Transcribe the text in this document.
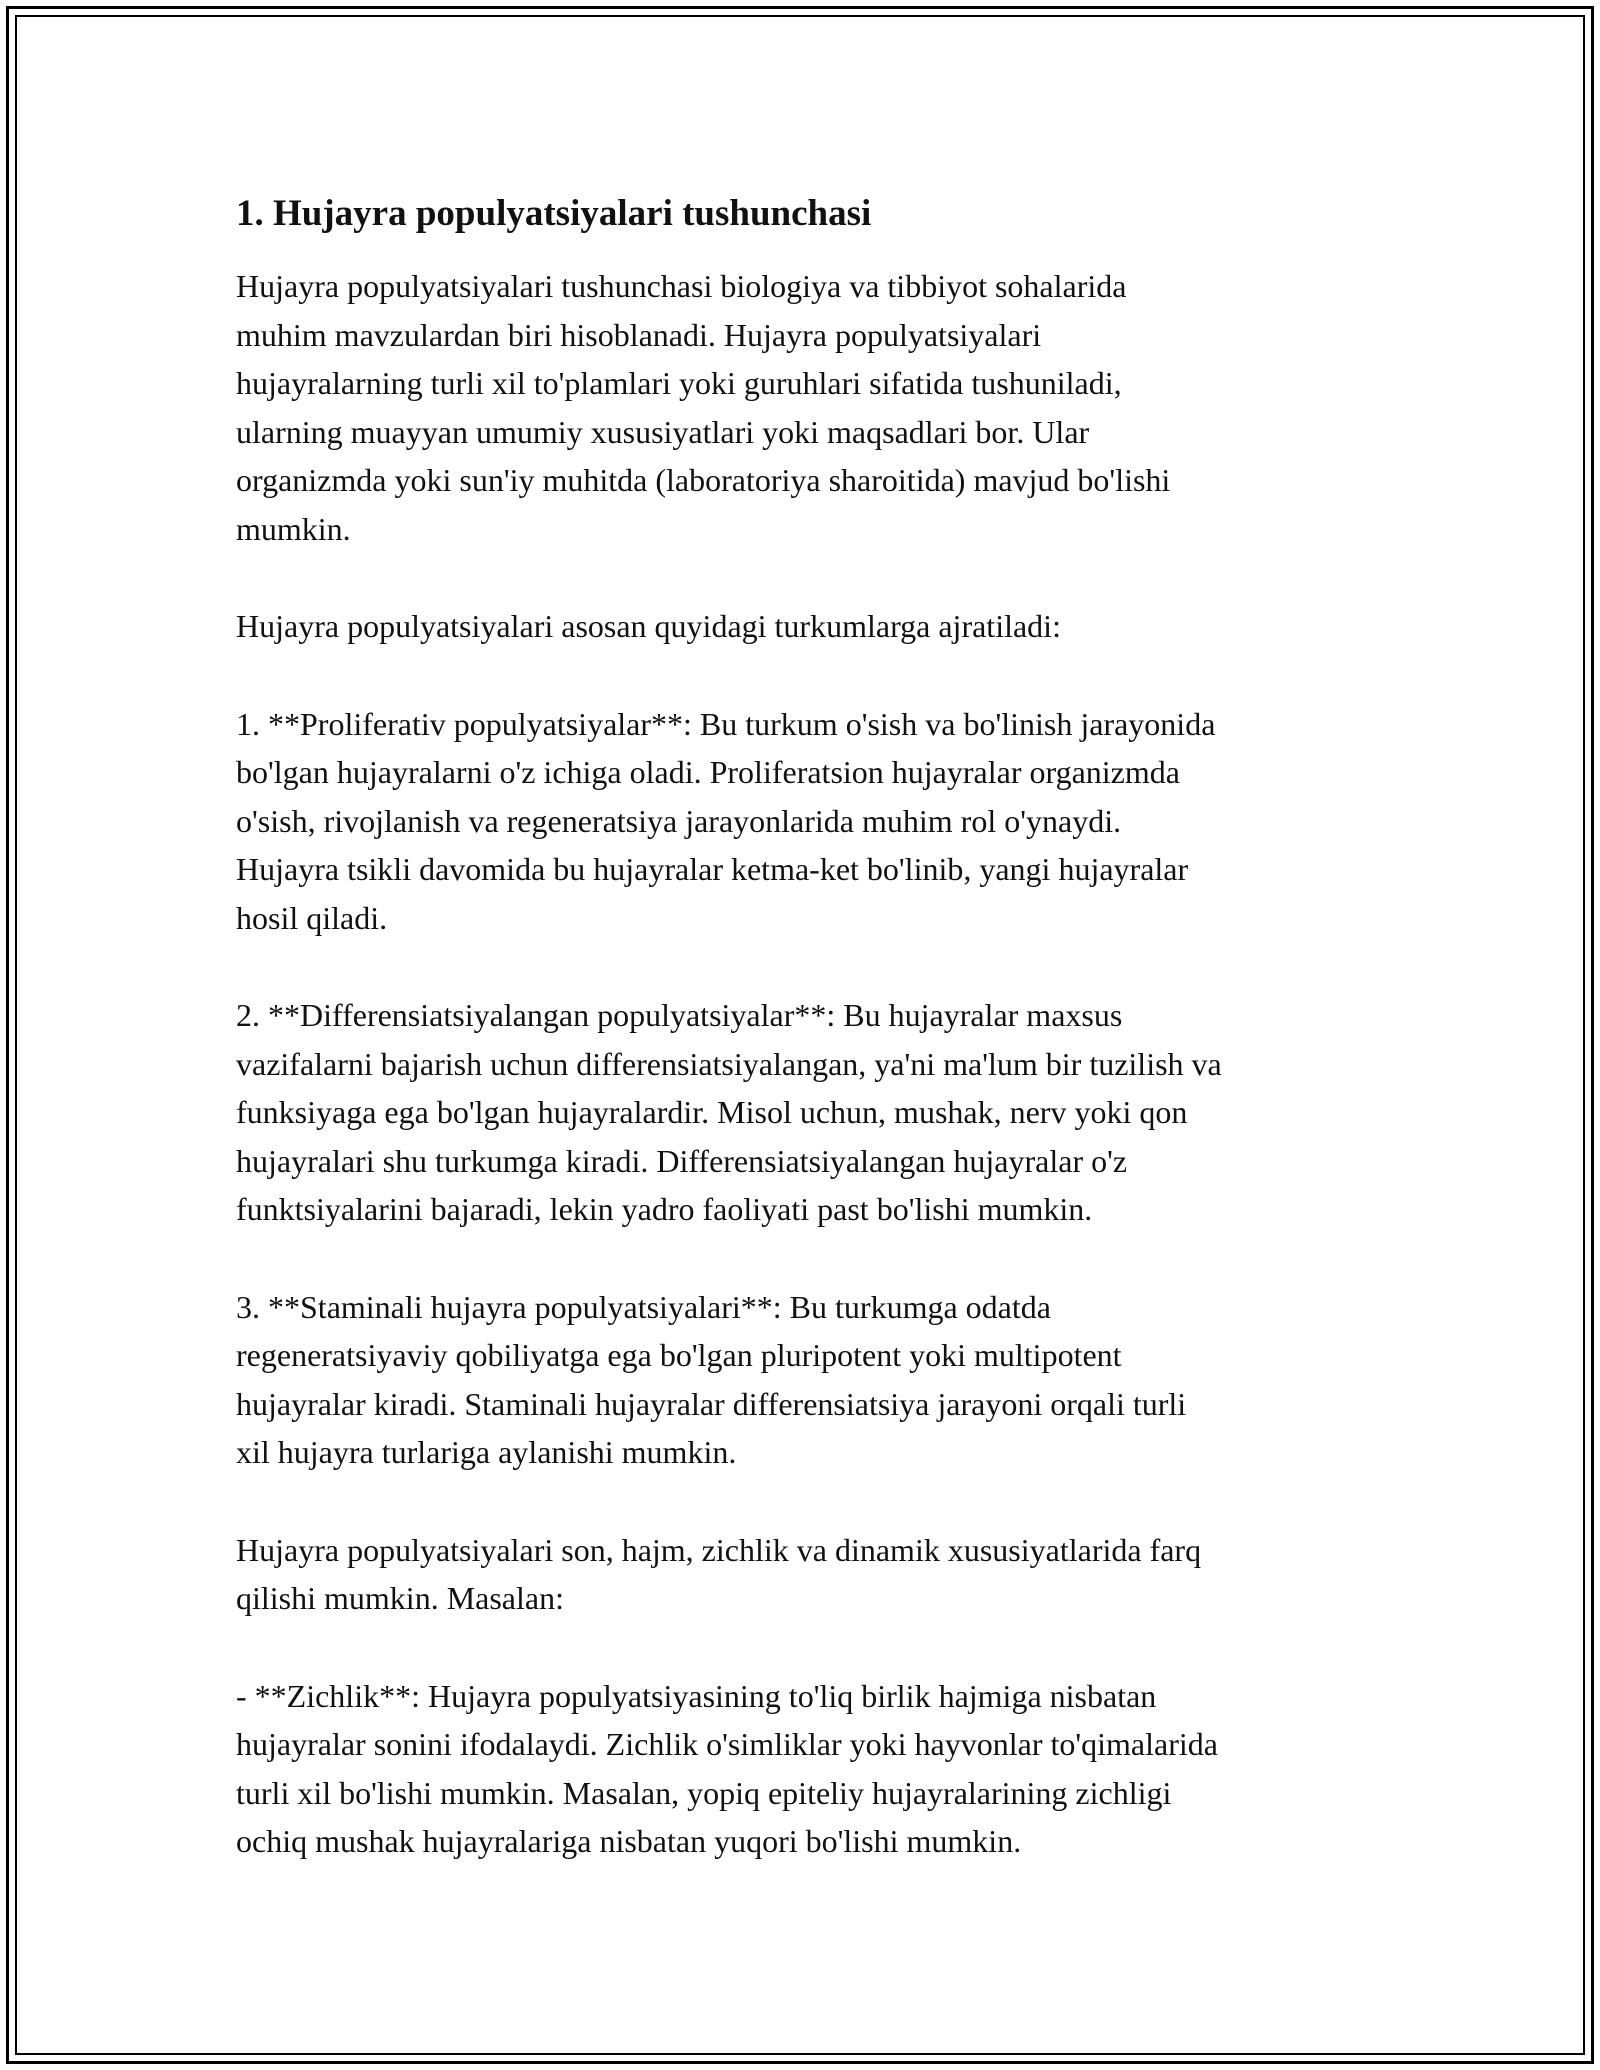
1. Hujayra populyatsiyalari tushunchasi

Hujayra populyatsiyalari tushunchasi biologiya va tibbiyot sohalarida
muhim mavzulardan biri hisoblanadi. Hujayra populyatsiyalari
hujayralarning turli xil to'plamlari yoki guruhlari sifatida tushuniladi,
ularning muayyan umumiy xususiyatlari yoki maqsadlari bor. Ular
organizmda yoki sun'iy muhitda (laboratoriya sharoitida) mavjud bo'lishi
mumkin.

Hujayra populyatsiyalari asosan quyidagi turkumlarga ajratiladi:

1. **Proliferativ populyatsiyalar**: Bu turkum o'sish va bo'linish jarayonida
bo'lgan hujayralarni o'z ichiga oladi. Proliferatsion hujayralar organizmda
o'sish, rivojlanish va regeneratsiya jarayonlarida muhim rol o'ynaydi.
Hujayra tsikli davomida bu hujayralar ketma-ket bo'linib, yangi hujayralar
hosil qiladi.

2. **Differensiatsiyalangan populyatsiyalar**: Bu hujayralar maxsus
vazifalarni bajarish uchun differensiatsiyalangan, ya'ni ma'lum bir tuzilish va
funksiyaga ega bo'lgan hujayralardir. Misol uchun, mushak, nerv yoki qon
hujayralari shu turkumga kiradi. Differensiatsiyalangan hujayralar o'z
funktsiyalarini bajaradi, lekin yadro faoliyati past bo'lishi mumkin.

3. **Staminali hujayra populyatsiyalari**: Bu turkumga odatda
regeneratsiyaviy qobiliyatga ega bo'lgan pluripotent yoki multipotent
hujayralar kiradi. Staminali hujayralar differensiatsiya jarayoni orqali turli
xil hujayra turlariga aylanishi mumkin.

Hujayra populyatsiyalari son, hajm, zichlik va dinamik xususiyatlarida farq
qilishi mumkin. Masalan:

- **Zichlik**: Hujayra populyatsiyasining to'liq birlik hajmiga nisbatan
hujayralar sonini ifodalaydi. Zichlik o'simliklar yoki hayvonlar to'qimalarida
turli xil bo'lishi mumkin. Masalan, yopiq epiteliy hujayralarining zichligi
ochiq mushak hujayralariga nisbatan yuqori bo'lishi mumkin.
